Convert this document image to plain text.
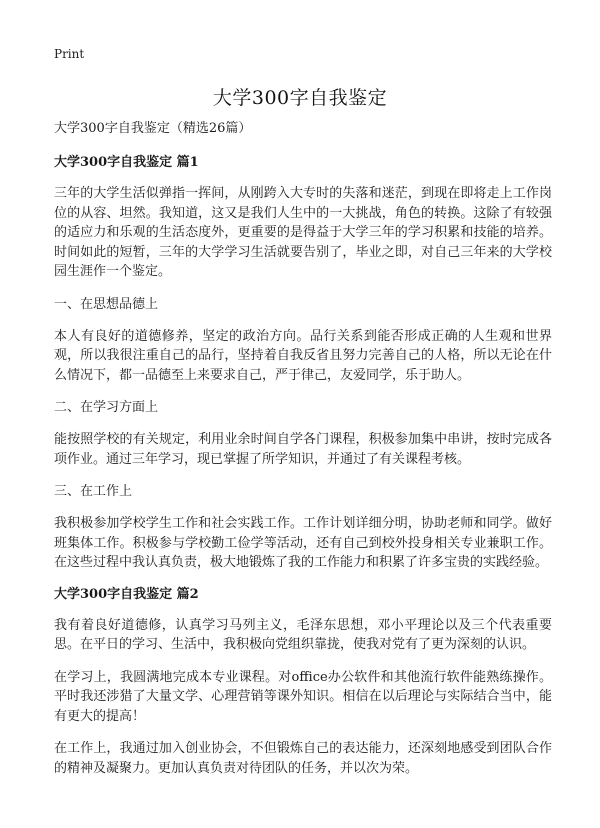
Print
大学300字自我鉴定
大学300字自我鉴定（精选26篇）
大学300字自我鉴定 篇1

三年的大学生活似弹指一挥间，从刚跨入大专时的失落和迷茫，到现在即将走上工作岗位的从容、坦然。我知道，这又是我们人生中的一大挑战，角色的转换。这除了有较强的适应力和乐观的生活态度外，更重要的是得益于大学三年的学习积累和技能的培养。时间如此的短暂，三年的大学学习生活就要告别了，毕业之即，对自己三年来的大学校园生涯作一个鉴定。

一、在思想品德上

本人有良好的道德修养，坚定的政治方向。品行关系到能否形成正确的人生观和世界观，所以我很注重自己的品行，坚持着自我反省且努力完善自己的人格，所以无论在什么情况下，都一品德至上来要求自己，严于律己，友爱同学，乐于助人。

二、在学习方面上

能按照学校的有关规定，利用业余时间自学各门课程，积极参加集中串讲，按时完成各项作业。通过三年学习，现已掌握了所学知识，并通过了有关课程考核。

三、在工作上

我积极参加学校学生工作和社会实践工作。工作计划详细分明，协助老师和同学。做好班集体工作。积极参与学校勤工俭学等活动，还有自己到校外投身相关专业兼职工作。在这些过程中我认真负责，极大地锻炼了我的工作能力和积累了许多宝贵的实践经验。

大学300字自我鉴定 篇2

我有着良好道德修，认真学习马列主义，毛泽东思想，邓小平理论以及三个代表重要思。在平日的学习、生活中，我积极向党组织靠拢，使我对党有了更为深刻的认识。

在学习上，我圆满地完成本专业课程。对office办公软件和其他流行软件能熟练操作。平时我还涉猎了大量文学、心理营销等课外知识。相信在以后理论与实际结合当中，能有更大的提高！

在工作上，我通过加入创业协会，不但锻炼自己的表达能力，还深刻地感受到团队合作的精神及凝聚力。更加认真负责对待团队的任务，并以次为荣。
